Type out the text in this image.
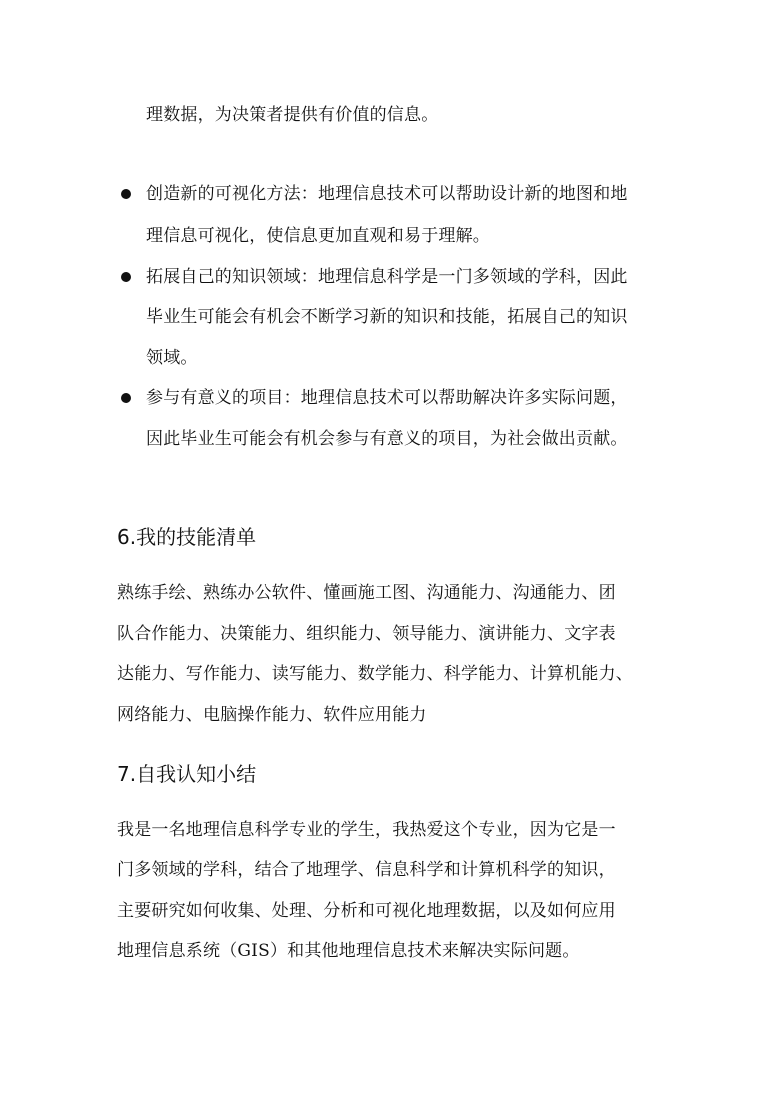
理数据，为决策者提供有价值的信息。
创造新的可视化方法：地理信息技术可以帮助设计新的地图和地
理信息可视化，使信息更加直观和易于理解。
拓展自己的知识领域：地理信息科学是一门多领域的学科，因此
毕业生可能会有机会不断学习新的知识和技能，拓展自己的知识
领域。
参与有意义的项目：地理信息技术可以帮助解决许多实际问题，
因此毕业生可能会有机会参与有意义的项目，为社会做出贡献。
6.我的技能清单
熟练手绘、熟练办公软件、懂画施工图、沟通能力、沟通能力、团
队合作能力、决策能力、组织能力、领导能力、演讲能力、文字表
达能力、写作能力、读写能力、数学能力、科学能力、计算机能力、
网络能力、电脑操作能力、软件应用能力
7.自我认知小结
我是一名地理信息科学专业的学生，我热爱这个专业，因为它是一
门多领域的学科，结合了地理学、信息科学和计算机科学的知识，
主要研究如何收集、处理、分析和可视化地理数据，以及如何应用
地理信息系统（GIS）和其他地理信息技术来解决实际问题。
